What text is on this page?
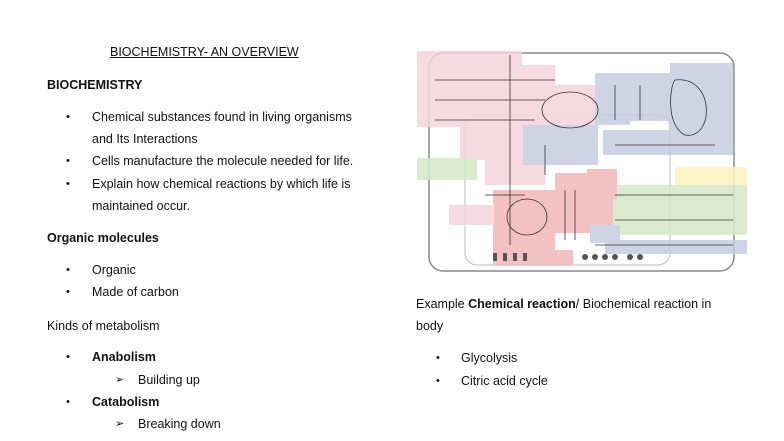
BIOCHEMISTRY- AN OVERVIEW
BIOCHEMISTRY
• Chemical substances found in living organisms
and Its Interactions
• Cells manufacture the molecule needed for life.
• Explain how chemical reactions by which life is
maintained occur.
Organic molecules
• Organic
• Made of carbon
Kinds of metabolism
• Anabolism
➢ Building up
• Catabolism
➢ Breaking down
Example Chemical reaction/ Biochemical reaction in
body
• Glycolysis
• Citric acid cycle
